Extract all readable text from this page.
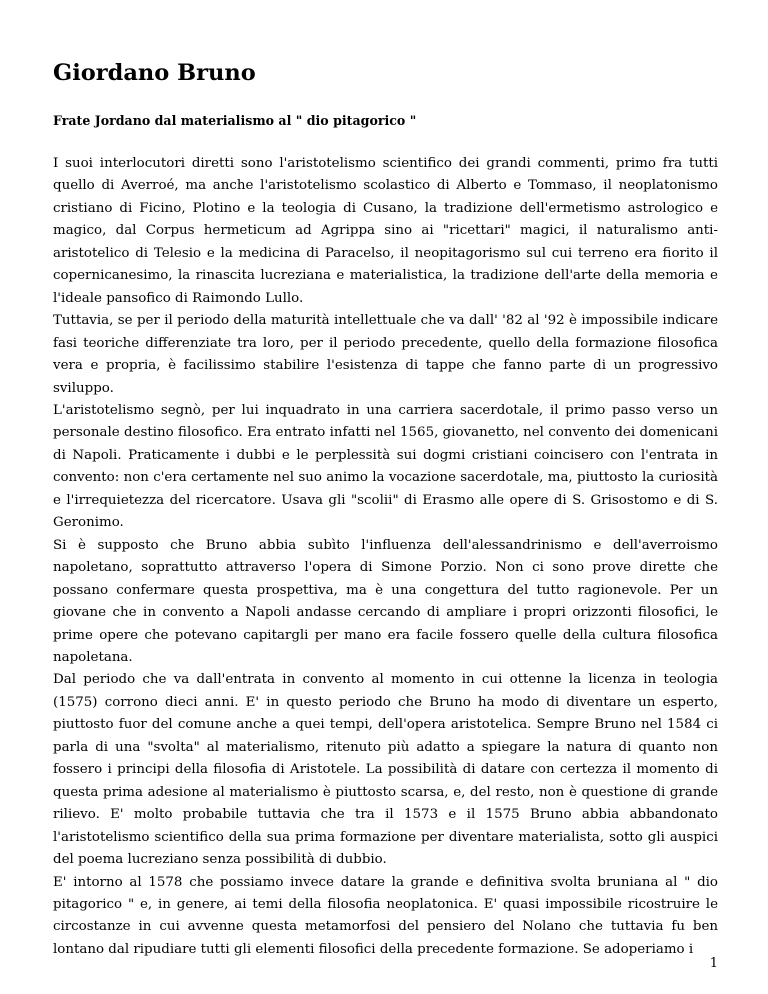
Giordano Bruno
Frate Jordano dal materialismo al " dio pitagorico "

I suoi interlocutori diretti sono l'aristotelismo scientifico dei grandi commenti, primo fra tutti quello di Averroé, ma anche l'aristotelismo scolastico di Alberto e Tommaso, il neoplatonismo cristiano di Ficino, Plotino e la teologia di Cusano, la tradizione dell'ermetismo astrologico e magico, dal Corpus hermeticum ad Agrippa sino ai "ricettari" magici, il naturalismo anti-aristotelico di Telesio e la medicina di Paracelso, il neopitagorismo sul cui terreno era fiorito il copernicanesimo, la rinascita lucreziana e materialistica, la tradizione dell'arte della memoria e l'ideale pansofico di Raimondo Lullo.

Tuttavia, se per il periodo della maturità intellettuale che va dall' '82 al '92 è impossibile indicare fasi teoriche differenziate tra loro, per il periodo precedente, quello della formazione filosofica vera e propria, è facilissimo stabilire l'esistenza di tappe che fanno parte di un progressivo sviluppo.

L'aristotelismo segnò, per lui inquadrato in una carriera sacerdotale, il primo passo verso un personale destino filosofico. Era entrato infatti nel 1565, giovanetto, nel convento dei domenicani di Napoli. Praticamente i dubbi e le perplessità sui dogmi cristiani coincisero con l'entrata in convento: non c'era certamente nel suo animo la vocazione sacerdotale, ma, piuttosto la curiosità e l'irrequietezza del ricercatore. Usava gli "scolii" di Erasmo alle opere di S. Grisostomo e di S. Geronimo.

Si è supposto che Bruno abbia subìto l'influenza dell'alessandrinismo e dell'averroismo napoletano, soprattutto attraverso l'opera di Simone Porzio. Non ci sono prove dirette che possano confermare questa prospettiva, ma è una congettura del tutto ragionevole. Per un giovane che in convento a Napoli andasse cercando di ampliare i propri orizzonti filosofici, le prime opere che potevano capitargli per mano era facile fossero quelle della cultura filosofica napoletana.

Dal periodo che va dall'entrata in convento al momento in cui ottenne la licenza in teologia (1575) corrono dieci anni. E' in questo periodo che Bruno ha modo di diventare un esperto, piuttosto fuor del comune anche a quei tempi, dell'opera aristotelica. Sempre Bruno nel 1584 ci parla di una "svolta" al materialismo, ritenuto più adatto a spiegare la natura di quanto non fossero i principi della filosofia di Aristotele. La possibilità di datare con certezza il momento di questa prima adesione al materialismo è piuttosto scarsa, e, del resto, non è questione di grande rilievo. E' molto probabile tuttavia che tra il 1573 e il 1575 Bruno abbia abbandonato l'aristotelismo scientifico della sua prima formazione per diventare materialista, sotto gli auspici del poema lucreziano senza possibilità di dubbio.

E' intorno al 1578 che possiamo invece datare la grande e definitiva svolta bruniana al " dio pitagorico " e, in genere, ai temi della filosofia neoplatonica. E' quasi impossibile ricostruire le circostanze in cui avvenne questa metamorfosi del pensiero del Nolano che tuttavia fu ben lontano dal ripudiare tutti gli elementi filosofici della precedente formazione. Se adoperiamo i

1
